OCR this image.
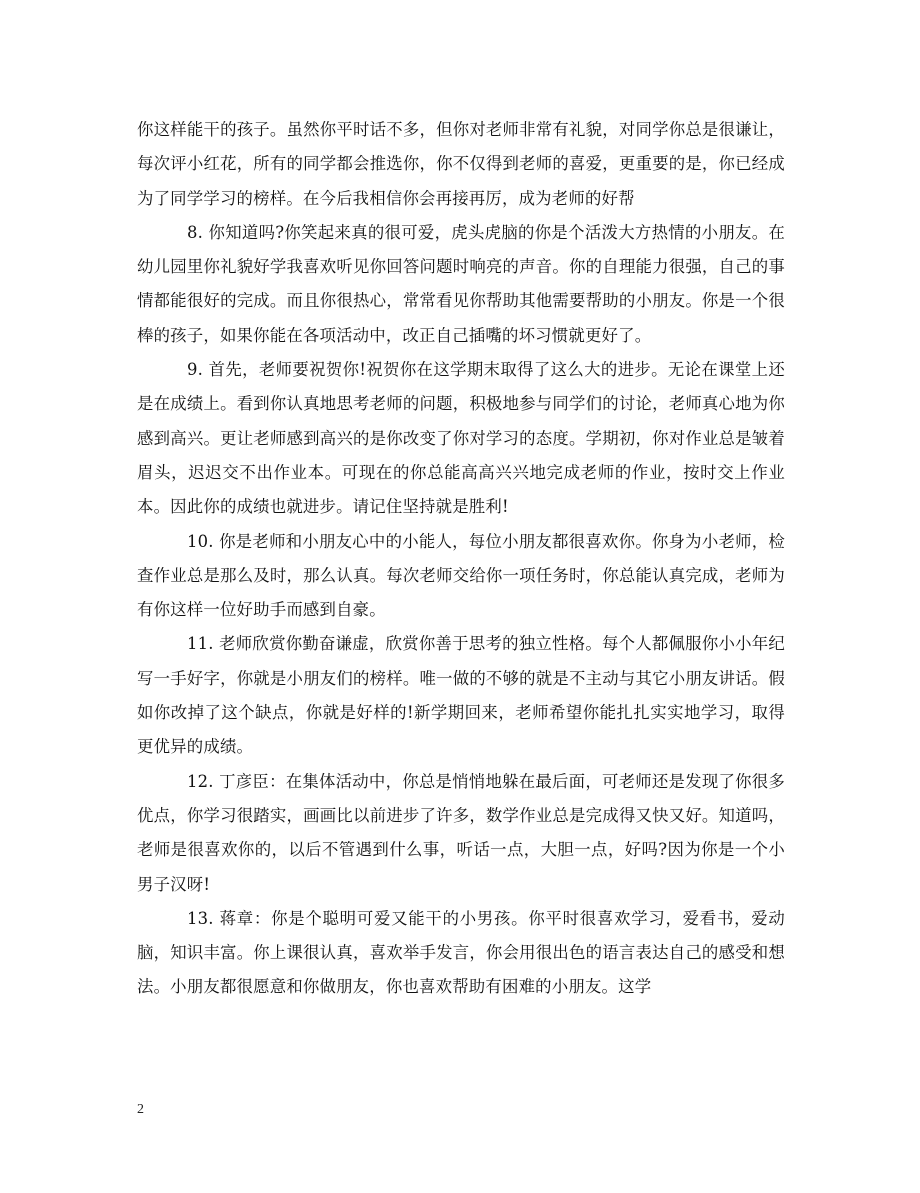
你这样能干的孩子。虽然你平时话不多，但你对老师非常有礼貌，对同学你总是很谦让，每次评小红花，所有的同学都会推选你，你不仅得到老师的喜爱，更重要的是，你已经成为了同学学习的榜样。在今后我相信你会再接再厉，成为老师的好帮

8. 你知道吗?你笑起来真的很可爱，虎头虎脑的你是个活泼大方热情的小朋友。在幼儿园里你礼貌好学我喜欢听见你回答问题时响亮的声音。你的自理能力很强，自己的事情都能很好的完成。而且你很热心，常常看见你帮助其他需要帮助的小朋友。你是一个很棒的孩子，如果你能在各项活动中，改正自己插嘴的坏习惯就更好了。

9. 首先，老师要祝贺你!祝贺你在这学期末取得了这么大的进步。无论在课堂上还是在成绩上。看到你认真地思考老师的问题，积极地参与同学们的讨论，老师真心地为你感到高兴。更让老师感到高兴的是你改变了你对学习的态度。学期初，你对作业总是皱着眉头，迟迟交不出作业本。可现在的你总能高高兴兴地完成老师的作业，按时交上作业本。因此你的成绩也就进步。请记住坚持就是胜利!

10. 你是老师和小朋友心中的小能人，每位小朋友都很喜欢你。你身为小老师，检查作业总是那么及时，那么认真。每次老师交给你一项任务时，你总能认真完成，老师为有你这样一位好助手而感到自豪。

11. 老师欣赏你勤奋谦虚，欣赏你善于思考的独立性格。每个人都佩服你小小年纪写一手好字，你就是小朋友们的榜样。唯一做的不够的就是不主动与其它小朋友讲话。假如你改掉了这个缺点，你就是好样的!新学期回来，老师希望你能扎扎实实地学习，取得更优异的成绩。

12. 丁彦臣：在集体活动中，你总是悄悄地躲在最后面，可老师还是发现了你很多优点，你学习很踏实，画画比以前进步了许多，数学作业总是完成得又快又好。知道吗，老师是很喜欢你的，以后不管遇到什么事，听话一点，大胆一点，好吗?因为你是一个小男子汉呀!

13. 蒋章：你是个聪明可爱又能干的小男孩。你平时很喜欢学习，爱看书，爱动脑，知识丰富。你上课很认真，喜欢举手发言，你会用很出色的语言表达自己的感受和想法。小朋友都很愿意和你做朋友，你也喜欢帮助有困难的小朋友。这学

2
